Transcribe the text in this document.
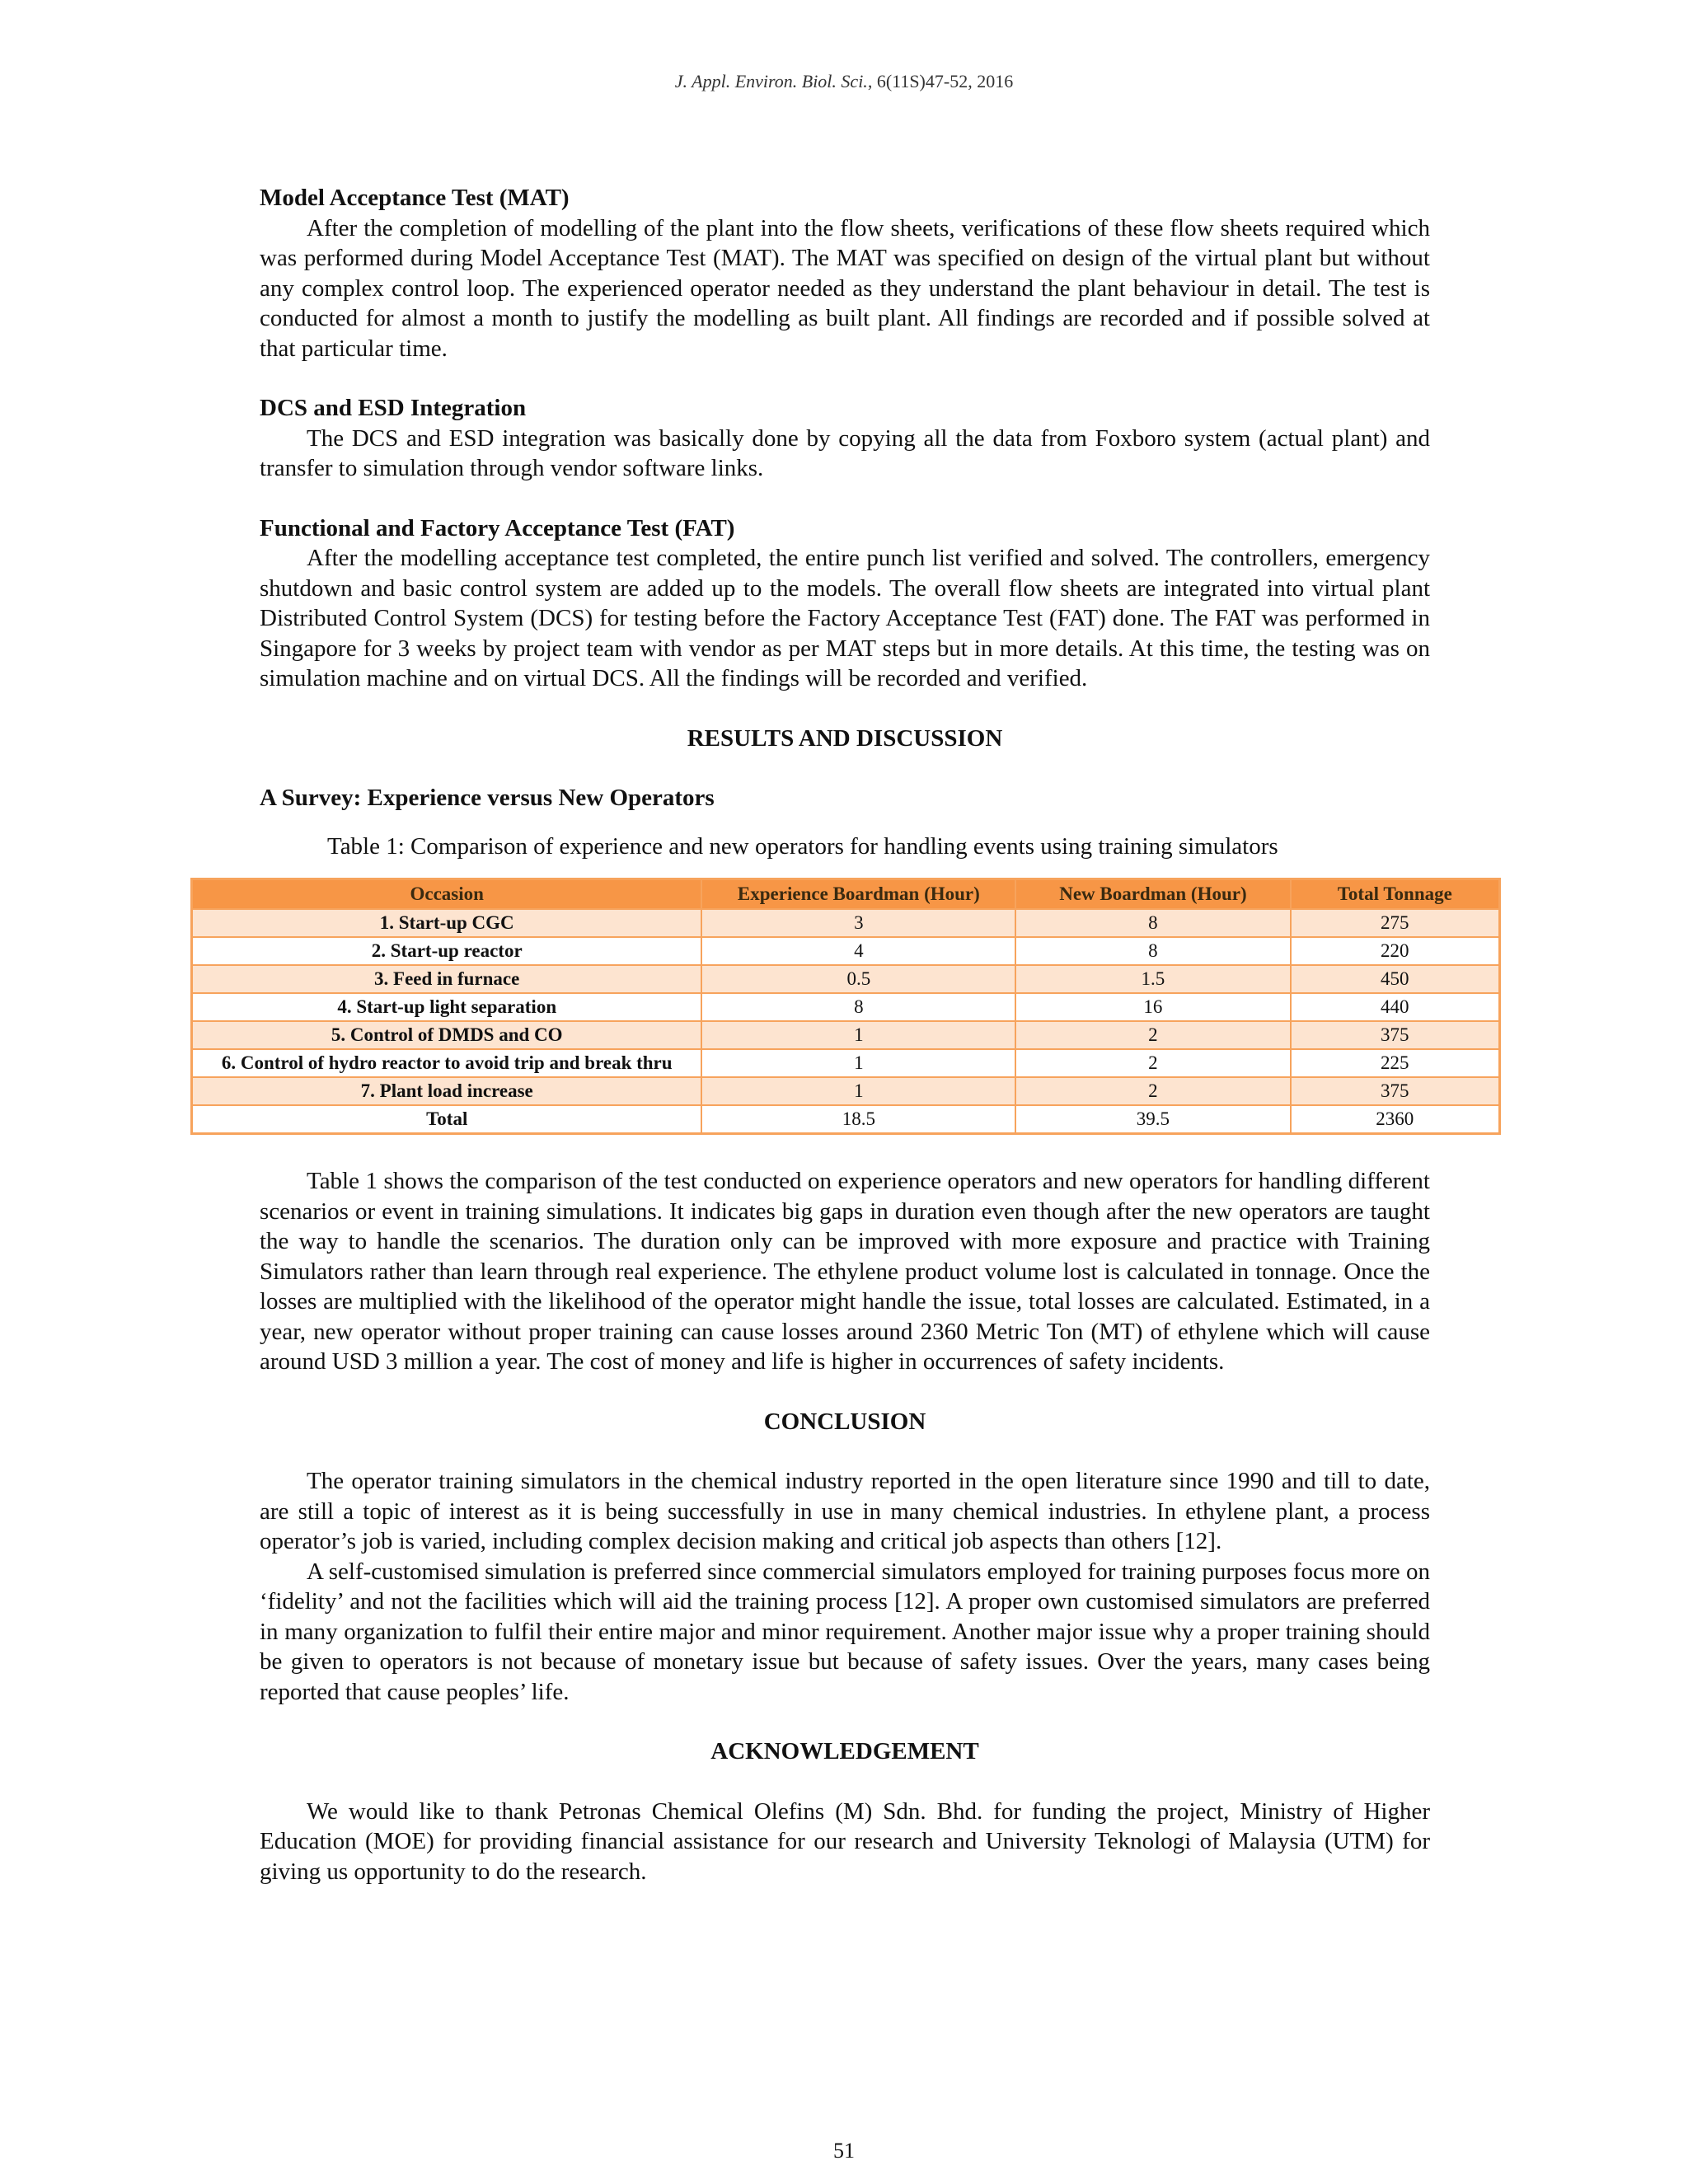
J. Appl. Environ. Biol. Sci., 6(11S)47-52, 2016

Model Acceptance Test (MAT)

After the completion of modelling of the plant into the flow sheets, verifications of these flow sheets required which was performed during Model Acceptance Test (MAT). The MAT was specified on design of the virtual plant but without any complex control loop. The experienced operator needed as they understand the plant behaviour in detail. The test is conducted for almost a month to justify the modelling as built plant. All findings are recorded and if possible solved at that particular time.

DCS and ESD Integration

The DCS and ESD integration was basically done by copying all the data from Foxboro system (actual plant) and transfer to simulation through vendor software links.

Functional and Factory Acceptance Test (FAT)

After the modelling acceptance test completed, the entire punch list verified and solved. The controllers, emergency shutdown and basic control system are added up to the models. The overall flow sheets are integrated into virtual plant Distributed Control System (DCS) for testing before the Factory Acceptance Test (FAT) done. The FAT was performed in Singapore for 3 weeks by project team with vendor as per MAT steps but in more details. At this time, the testing was on simulation machine and on virtual DCS. All the findings will be recorded and verified.

RESULTS AND DISCUSSION

A Survey: Experience versus New Operators

Table 1: Comparison of experience and new operators for handling events using training simulators

Occasion	Experience Boardman (Hour)	New Boardman (Hour)	Total Tonnage
1. Start-up CGC	3	8	275
2. Start-up reactor	4	8	220
3. Feed in furnace	0.5	1.5	450
4. Start-up light separation	8	16	440
5. Control of DMDS and CO	1	2	375
6. Control of hydro reactor to avoid trip and break thru	1	2	225
7. Plant load increase	1	2	375
Total	18.5	39.5	2360

Table 1 shows the comparison of the test conducted on experience operators and new operators for handling different scenarios or event in training simulations. It indicates big gaps in duration even though after the new operators are taught the way to handle the scenarios. The duration only can be improved with more exposure and practice with Training Simulators rather than learn through real experience. The ethylene product volume lost is calculated in tonnage. Once the losses are multiplied with the likelihood of the operator might handle the issue, total losses are calculated. Estimated, in a year, new operator without proper training can cause losses around 2360 Metric Ton (MT) of ethylene which will cause around USD 3 million a year. The cost of money and life is higher in occurrences of safety incidents.

CONCLUSION

The operator training simulators in the chemical industry reported in the open literature since 1990 and till to date, are still a topic of interest as it is being successfully in use in many chemical industries. In ethylene plant, a process operator’s job is varied, including complex decision making and critical job aspects than others [12].

A self-customised simulation is preferred since commercial simulators employed for training purposes focus more on ‘fidelity’ and not the facilities which will aid the training process [12]. A proper own customised simulators are preferred in many organization to fulfil their entire major and minor requirement. Another major issue why a proper training should be given to operators is not because of monetary issue but because of safety issues. Over the years, many cases being reported that cause peoples’ life.

ACKNOWLEDGEMENT

We would like to thank Petronas Chemical Olefins (M) Sdn. Bhd. for funding the project, Ministry of Higher Education (MOE) for providing financial assistance for our research and University Teknologi of Malaysia (UTM) for giving us opportunity to do the research.

51
